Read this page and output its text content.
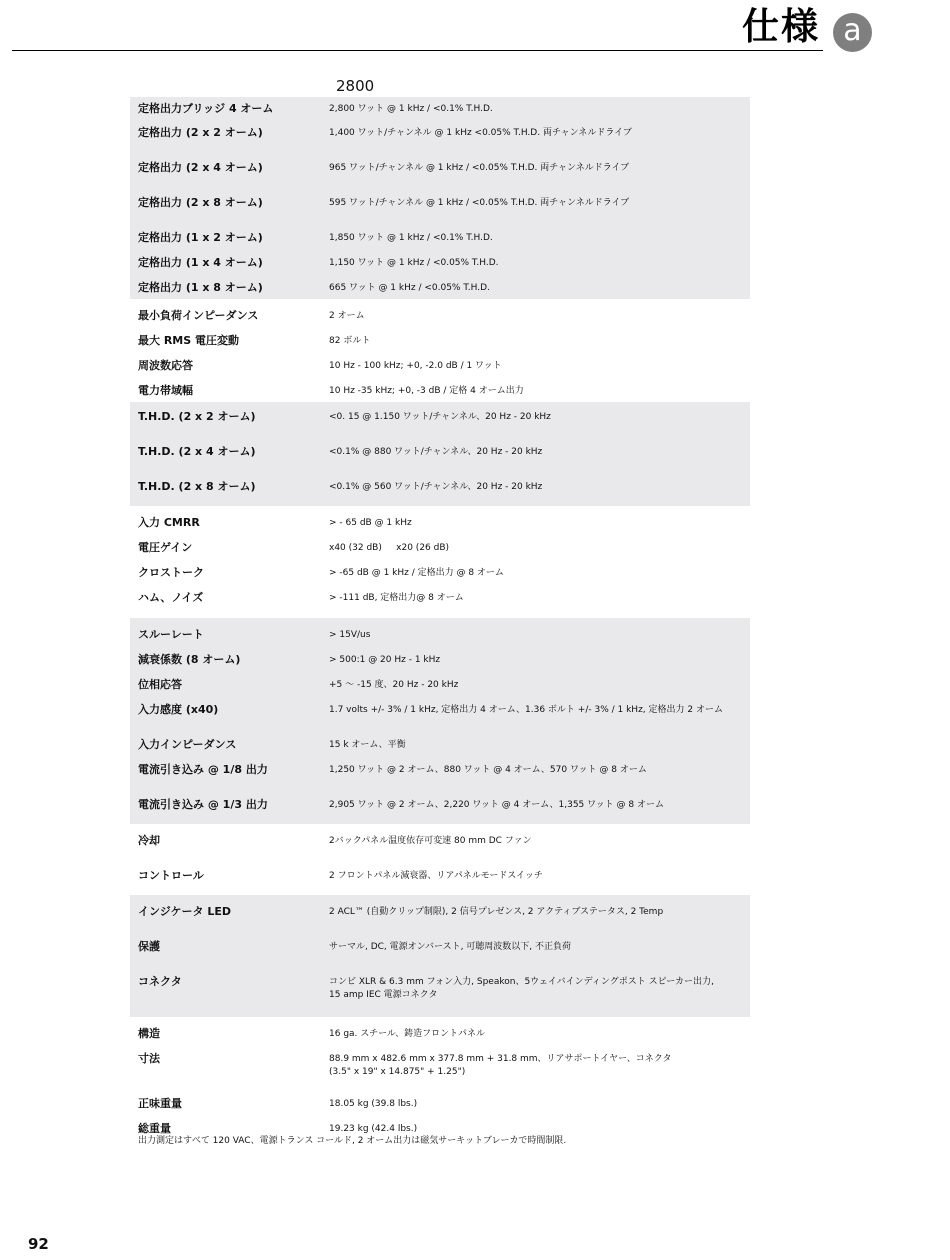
仕様 a
2800
定格出力ブリッジ 4 オーム	2,800 ワット @ 1 kHz / <0.1% T.H.D.
定格出力 (2 x 2 オーム)	1,400 ワット/チャンネル @ 1 kHz <0.05% T.H.D. 両チャンネルドライブ
定格出力 (2 x 4 オーム)	965 ワット/チャンネル @ 1 kHz / <0.05% T.H.D. 両チャンネルドライブ
定格出力 (2 x 8 オーム)	595 ワット/チャンネル @ 1 kHz / <0.05% T.H.D. 両チャンネルドライブ
定格出力 (1 x 2 オーム)	1,850 ワット @ 1 kHz / <0.1% T.H.D.
定格出力 (1 x 4 オーム)	1,150 ワット @ 1 kHz / <0.05% T.H.D.
定格出力 (1 x 8 オーム)	665 ワット @ 1 kHz / <0.05% T.H.D.
最小負荷インピーダンス	2 オーム
最大 RMS 電圧変動	82 ボルト
周波数応答	10 Hz - 100 kHz; +0, -2.0 dB / 1 ワット
電力帯域幅	10 Hz -35 kHz; +0, -3 dB / 定格 4 オーム出力
T.H.D. (2 x 2 オーム)	<0. 15 @ 1.150 ワット/チャンネル、20 Hz - 20 kHz
T.H.D. (2 x 4 オーム)	<0.1% @ 880 ワット/チャンネル、20 Hz - 20 kHz
T.H.D. (2 x 8 オーム)	<0.1% @ 560 ワット/チャンネル、20 Hz - 20 kHz
入力 CMRR	> - 65 dB @ 1 kHz
電圧ゲイン	x40 (32 dB)     x20 (26 dB)
クロストーク	> -65 dB @ 1 kHz / 定格出力 @ 8 オーム
ハム、ノイズ	> -111 dB, 定格出力@ 8 オーム
スルーレート	> 15V/us
減衰係数 (8 オーム)	> 500:1 @ 20 Hz - 1 kHz
位相応答	+5 ～ -15 度、20 Hz - 20 kHz
入力感度 (x40)	1.7 volts +/- 3% / 1 kHz, 定格出力 4 オーム、1.36 ボルト +/- 3% / 1 kHz, 定格出力 2 オーム
入力インピーダンス	15 k オーム、平衡
電流引き込み @ 1/8 出力	1,250 ワット @ 2 オーム、880 ワット @ 4 オーム、570 ワット @ 8 オーム
電流引き込み @ 1/3 出力	2,905 ワット @ 2 オーム、2,220 ワット @ 4 オーム、1,355 ワット @ 8 オーム
冷却	2バックパネル温度依存可変速 80 mm DC ファン
コントロール	2 フロントパネル減衰器、リアパネルモードスイッチ
インジケータ LED	2 ACL™ (自動クリップ制限), 2 信号プレゼンス, 2 アクティブステータス, 2 Temp
保護	サーマル, DC, 電源オンバースト, 可聴周波数以下, 不正負荷
コネクタ	コンビ XLR & 6.3 mm フォン入力, Speakon、5ウェイバインディングポスト スピーカー出力,
15 amp IEC 電源コネクタ
構造	16 ga. スチール、鋳造フロントパネル
寸法	88.9 mm x 482.6 mm x 377.8 mm + 31.8 mm、リアサポートイヤー、コネクタ
(3.5" x 19" x 14.875" + 1.25")
正味重量	18.05 kg (39.8 lbs.)
総重量	19.23 kg (42.4 lbs.)
出力測定はすべて 120 VAC、電源トランス コールド, 2 オーム出力は磁気サーキットブレーカで時間制限.
92
